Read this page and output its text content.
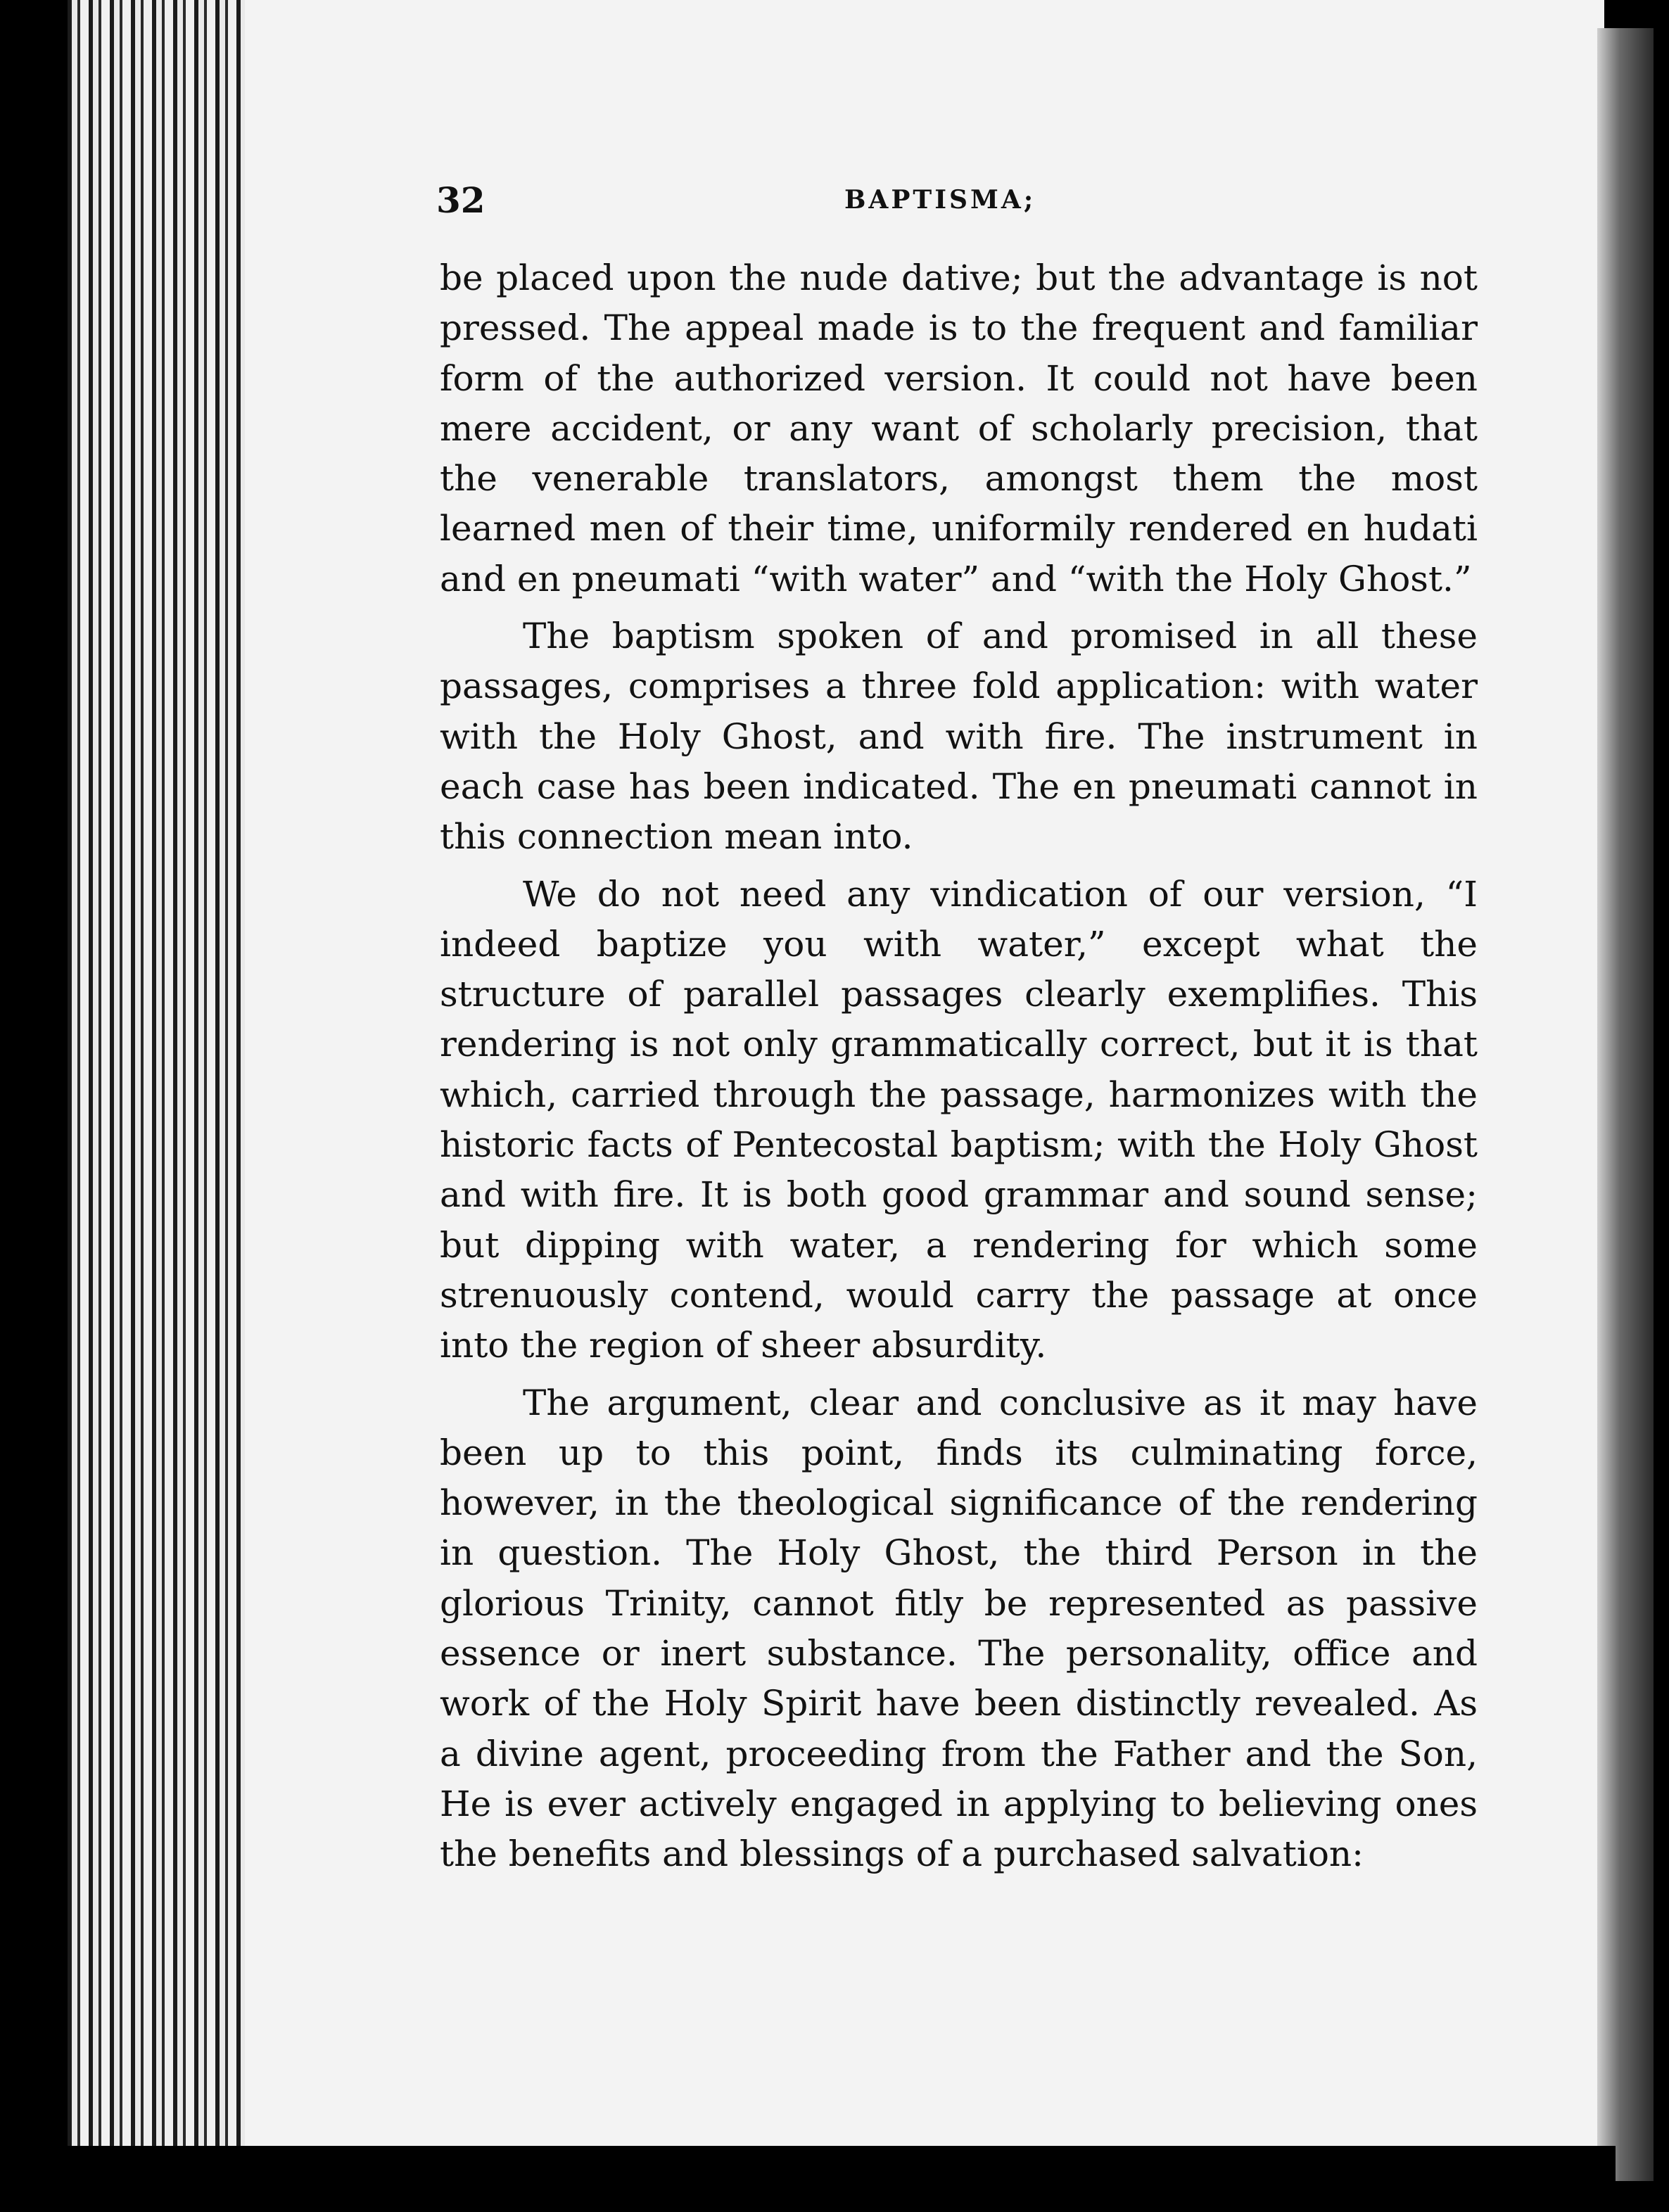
32	BAPTISMA;

be placed upon the nude dative; but the advantage is not pressed. The appeal made is to the frequent and familiar form of the authorized version. It could not have been mere accident, or any want of scholarly precision, that the venerable translators, amongst them the most learned men of their time, uniformily rendered en hudati and en pneumati “with water” and “with the Holy Ghost.”

The baptism spoken of and promised in all these passages, comprises a three fold application: with water with the Holy Ghost, and with fire. The instrument in each case has been indicated. The en pneumati cannot in this connection mean into.

We do not need any vindication of our version, “I indeed baptize you with water,” except what the structure of parallel passages clearly exemplifies. This rendering is not only grammatically correct, but it is that which, carried through the passage, harmonizes with the historic facts of Pentecostal baptism; with the Holy Ghost and with fire. It is both good grammar and sound sense; but dipping with water, a rendering for which some strenuously contend, would carry the passage at once into the region of sheer absurdity.

The argument, clear and conclusive as it may have been up to this point, finds its culminating force, however, in the theological significance of the rendering in question. The Holy Ghost, the third Person in the glorious Trinity, cannot fitly be represented as passive essence or inert substance. The personality, office and work of the Holy Spirit have been distinctly revealed. As a divine agent, proceeding from the Father and the Son, He is ever actively engaged in applying to believing ones the benefits and blessings of a purchased salvation:
